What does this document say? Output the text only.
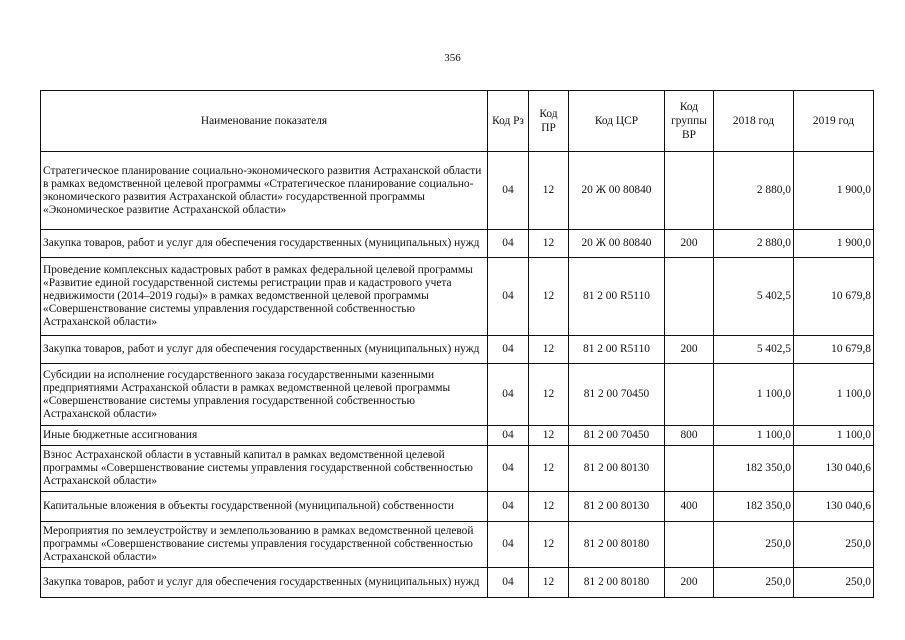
356
Наименование показателя	Код Рз	Код ПР	Код ЦСР	Код группы ВР	2018 год	2019 год
Стратегическое планирование социально-экономического развития Астраханской области в рамках ведомственной целевой программы «Стратегическое планирование социально-экономического развития Астраханской области» государственной программы «Экономическое развитие Астраханской области»	04	12	20 Ж 00 80840		2 880,0	1 900,0
Закупка товаров, работ и услуг для обеспечения государственных (муниципальных) нужд	04	12	20 Ж 00 80840	200	2 880,0	1 900,0
Проведение комплексных кадастровых работ в рамках федеральной целевой программы «Развитие единой государственной системы регистрации прав и кадастрового учета недвижимости (2014–2019 годы)» в рамках ведомственной целевой программы «Совершенствование системы управления государственной собственностью Астраханской области»	04	12	81 2 00 R5110		5 402,5	10 679,8
Закупка товаров, работ и услуг для обеспечения государственных (муниципальных) нужд	04	12	81 2 00 R5110	200	5 402,5	10 679,8
Субсидии на исполнение государственного заказа государственными казенными предприятиями Астраханской области в рамках ведомственной целевой программы «Совершенствование системы управления государственной собственностью Астраханской области»	04	12	81 2 00 70450		1 100,0	1 100,0
Иные бюджетные ассигнования	04	12	81 2 00 70450	800	1 100,0	1 100,0
Взнос Астраханской области в уставный капитал в рамках ведомственной целевой программы «Совершенствование системы управления государственной собственностью Астраханской области»	04	12	81 2 00 80130		182 350,0	130 040,6
Капитальные вложения в объекты государственной (муниципальной) собственности	04	12	81 2 00 80130	400	182 350,0	130 040,6
Мероприятия по землеустройству и землепользованию в рамках ведомственной целевой программы «Совершенствование системы управления государственной собственностью Астраханской области»	04	12	81 2 00 80180		250,0	250,0
Закупка товаров, работ и услуг для обеспечения государственных (муниципальных) нужд	04	12	81 2 00 80180	200	250,0	250,0
